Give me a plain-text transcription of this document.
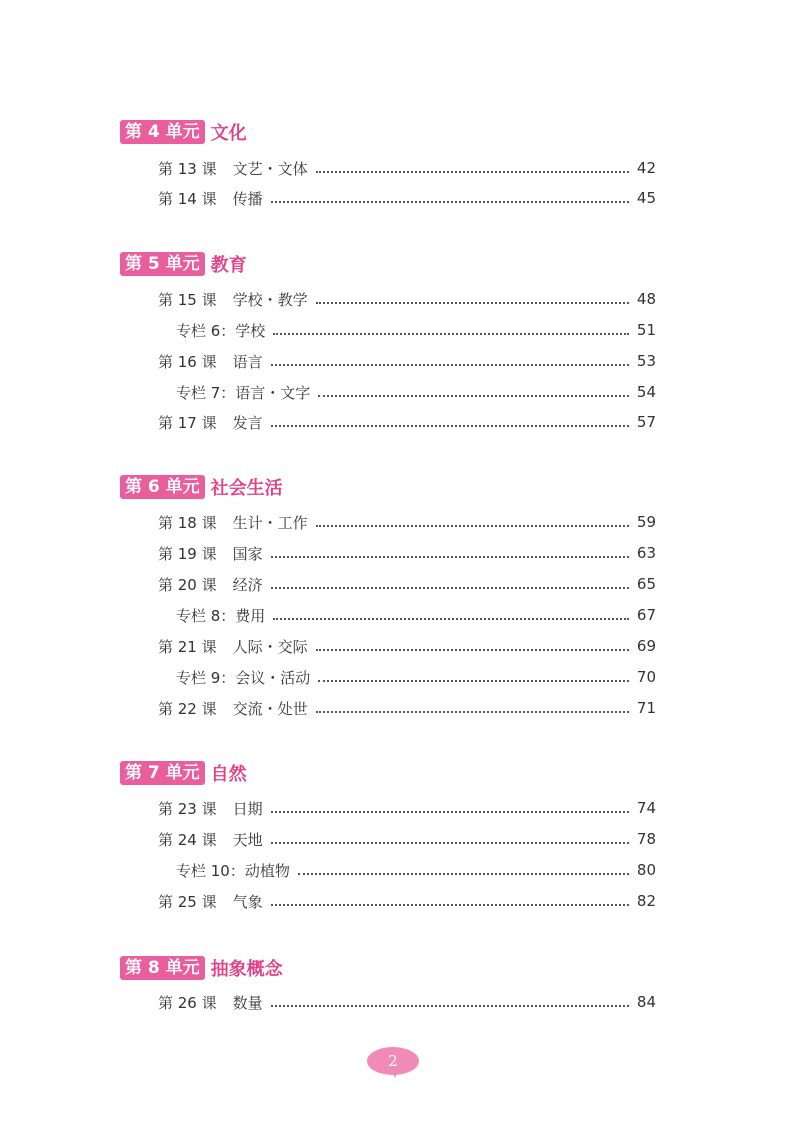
第 4 单元 文化
第 13 课 文艺・文体	42
第 14 课 传播	45
第 5 单元 教育
第 15 课 学校・教学	48
专栏 6：学校	51
第 16 课 语言	53
专栏 7：语言・文字	54
第 17 课 发言	57
第 6 单元 社会生活
第 18 课 生计・工作	59
第 19 课 国家	63
第 20 课 经济	65
专栏 8：费用	67
第 21 课 人际・交际	69
专栏 9：会议・活动	70
第 22 课 交流・处世	71
第 7 单元 自然
第 23 课 日期	74
第 24 课 天地	78
专栏 10：动植物	80
第 25 课 气象	82
第 8 单元 抽象概念
第 26 课 数量	84
2
